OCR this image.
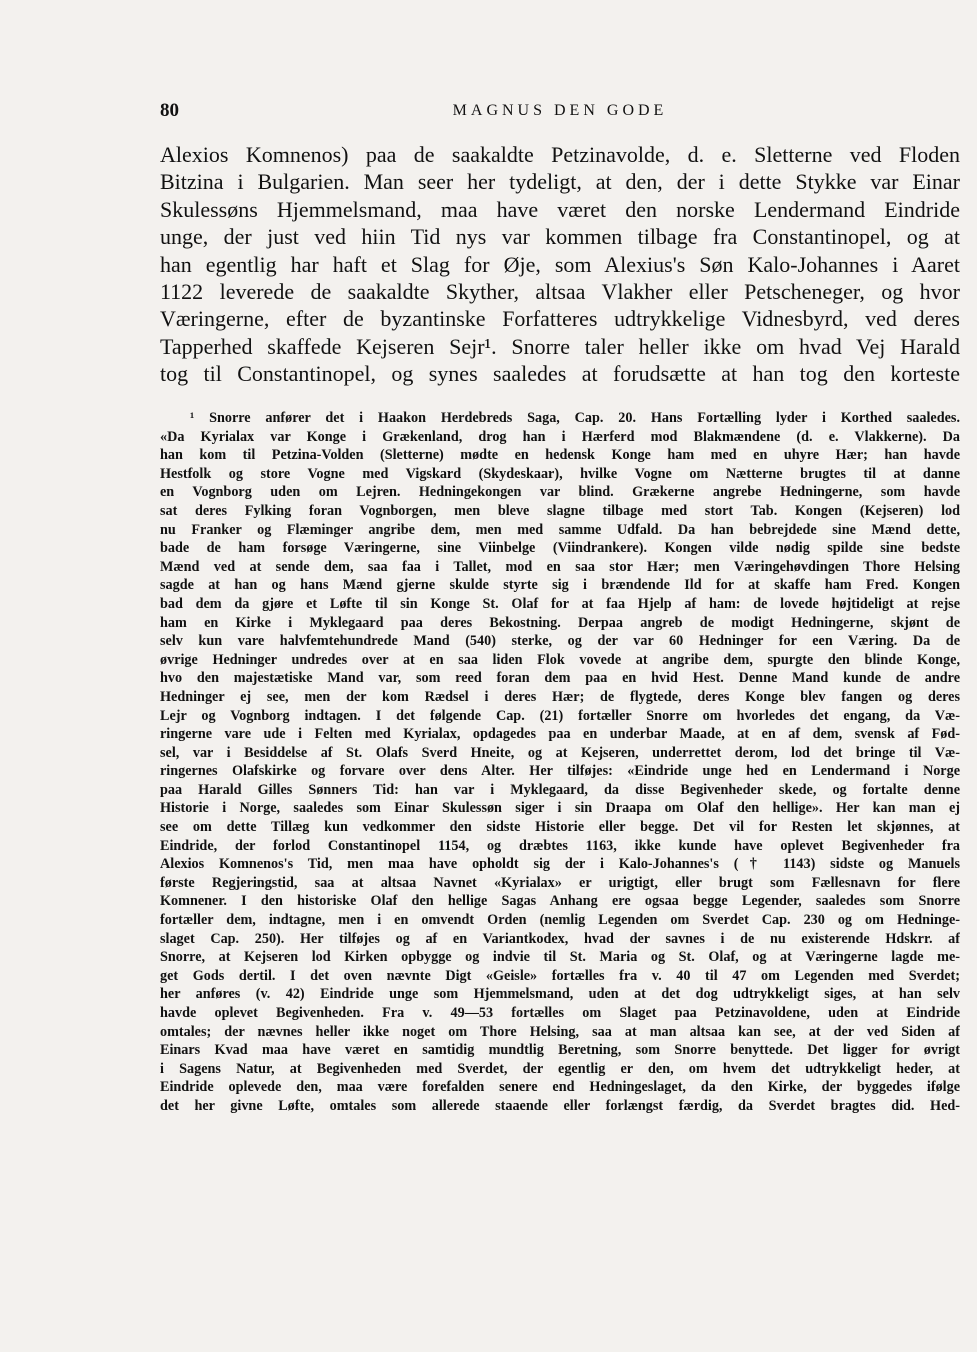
80	MAGNUS DEN GODE
Alexios Komnenos) paa de saakaldte Petzinavolde, d. e. Sletterne ved Floden
Bitzina i Bulgarien. Man seer her tydeligt, at den, der i dette Stykke var Einar
Skulessøns Hjemmelsmand, maa have været den norske Lendermand Eindride
unge, der just ved hiin Tid nys var kommen tilbage fra Constantinopel, og at
han egentlig har haft et Slag for Øje, som Alexius's Søn Kalo-Johannes i Aaret
1122 leverede de saakaldte Skyther, altsaa Vlakher eller Petscheneger, og hvor
Væringerne, efter de byzantinske Forfatteres udtrykkelige Vidnesbyrd, ved deres
Tapperhed skaffede Kejseren Sejr¹. Snorre taler heller ikke om hvad Vej Harald
tog til Constantinopel, og synes saaledes at forudsætte at han tog den korteste
¹ Snorre anfører det i Haakon Herdebreds Saga, Cap. 20. Hans Fortælling lyder i Korthed saaledes.
«Da Kyrialax var Konge i Grækenland, drog han i Hærferd mod Blakmændene (d. e. Vlakkerne). Da
han kom til Petzina-Volden (Sletterne) mødte en hedensk Konge ham med en uhyre Hær; han havde
Hestfolk og store Vogne med Vigskard (Skydeskaar), hvilke Vogne om Nætterne brugtes til at danne
en Vognborg uden om Lejren. Hedningekongen var blind. Grækerne angrebe Hedningerne, som havde
sat deres Fylking foran Vognborgen, men bleve slagne tilbage med stort Tab. Kongen (Kejseren) lod
nu Franker og Flæminger angribe dem, men med samme Udfald. Da han bebrejdede sine Mænd dette,
bade de ham forsøge Væringerne, sine Viinbelge (Viindrankere). Kongen vilde nødig spilde sine bedste
Mænd ved at sende dem, saa faa i Tallet, mod en saa stor Hær; men Væringehøvdingen Thore Helsing
sagde at han og hans Mænd gjerne skulde styrte sig i brændende Ild for at skaffe ham Fred. Kongen
bad dem da gjøre et Løfte til sin Konge St. Olaf for at faa Hjelp af ham: de lovede højtideligt at rejse
ham en Kirke i Myklegaard paa deres Bekostning. Derpaa angreb de modigt Hedningerne, skjønt de
selv kun vare halvfemtehundrede Mand (540) sterke, og der var 60 Hedninger for een Væring. Da de
øvrige Hedninger undredes over at en saa liden Flok vovede at angribe dem, spurgte den blinde Konge,
hvo den majestætiske Mand var, som reed foran dem paa en hvid Hest. Denne Mand kunde de andre
Hedninger ej see, men der kom Rædsel i deres Hær; de flygtede, deres Konge blev fangen og deres
Lejr og Vognborg indtagen. I det følgende Cap. (21) fortæller Snorre om hvorledes det engang, da Væ-
ringerne vare ude i Felten med Kyrialax, opdagedes paa en underbar Maade, at en af dem, svensk af Fød-
sel, var i Besiddelse af St. Olafs Sverd Hneite, og at Kejseren, underrettet derom, lod det bringe til Væ-
ringernes Olafskirke og forvare over dens Alter. Her tilføjes: «Eindride unge hed en Lendermand i Norge
paa Harald Gilles Sønners Tid: han var i Myklegaard, da disse Begivenheder skede, og fortalte denne
Historie i Norge, saaledes som Einar Skulessøn siger i sin Draapa om Olaf den hellige». Her kan man ej
see om dette Tillæg kun vedkommer den sidste Historie eller begge. Det vil for Resten let skjønnes, at
Eindride, der forlod Constantinopel 1154, og dræbtes 1163, ikke kunde have oplevet Begivenheder fra
Alexios Komnenos's Tid, men maa have opholdt sig der i Kalo-Johannes's († 1143) sidste og Manuels
første Regjeringstid, saa at altsaa Navnet «Kyrialax» er urigtigt, eller brugt som Fællesnavn for flere
Komnener. I den historiske Olaf den hellige Sagas Anhang ere ogsaa begge Legender, saaledes som Snorre
fortæller dem, indtagne, men i en omvendt Orden (nemlig Legenden om Sverdet Cap. 230 og om Hedninge-
slaget Cap. 250). Her tilføjes og af en Variantkodex, hvad der savnes i de nu existerende Hdskrr. af
Snorre, at Kejseren lod Kirken opbygge og indvie til St. Maria og St. Olaf, og at Væringerne lagde me-
get Gods dertil. I det oven nævnte Digt «Geisle» fortælles fra v. 40 til 47 om Legenden med Sverdet;
her anføres (v. 42) Eindride unge som Hjemmelsmand, uden at det dog udtrykkeligt siges, at han selv
havde oplevet Begivenheden. Fra v. 49—53 fortælles om Slaget paa Petzinavoldene, uden at Eindride
omtales; der nævnes heller ikke noget om Thore Helsing, saa at man altsaa kan see, at der ved Siden af
Einars Kvad maa have været en samtidig mundtlig Beretning, som Snorre benyttede. Det ligger for øvrigt
i Sagens Natur, at Begivenheden med Sverdet, der egentlig er den, om hvem det udtrykkeligt heder, at
Eindride oplevede den, maa være forefalden senere end Hedningeslaget, da den Kirke, der byggedes ifølge
det her givne Løfte, omtales som allerede staaende eller forlængst færdig, da Sverdet bragtes did. Hed-
